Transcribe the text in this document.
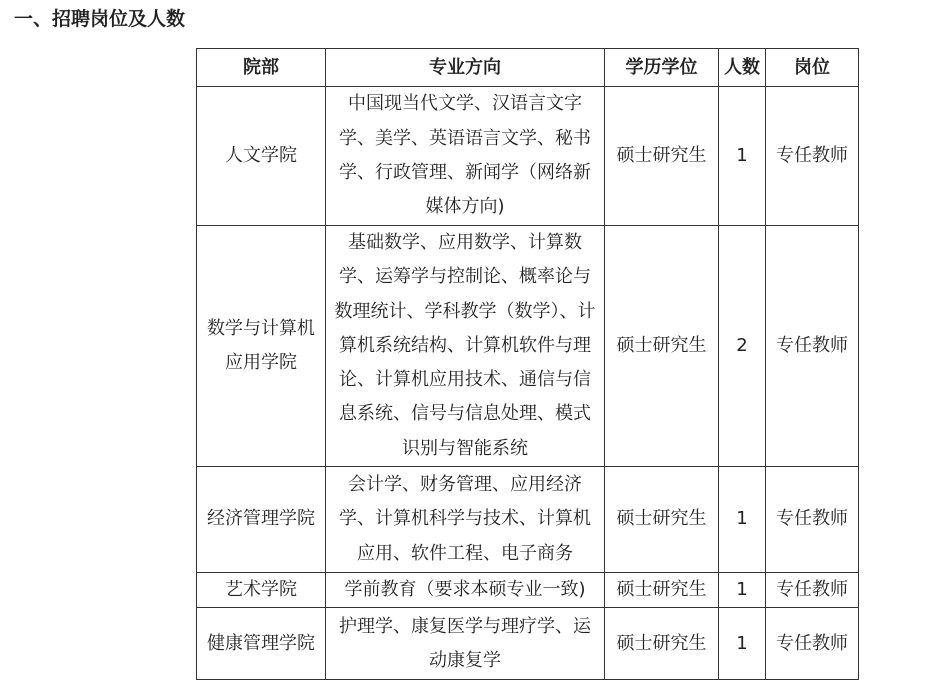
一、招聘岗位及人数
院部	专业方向	学历学位	人数	岗位
人文学院	中国现当代文学、汉语言文字学、美学、英语语言文学、秘书学、行政管理、新闻学（网络新媒体方向)	硕士研究生	1	专任教师
数学与计算机应用学院	基础数学、应用数学、计算数学、运筹学与控制论、概率论与数理统计、学科教学（数学）、计算机系统结构、计算机软件与理论、计算机应用技术、通信与信息系统、信号与信息处理、模式识别与智能系统	硕士研究生	2	专任教师
经济管理学院	会计学、财务管理、应用经济学、计算机科学与技术、计算机应用、软件工程、电子商务	硕士研究生	1	专任教师
艺术学院	学前教育（要求本硕专业一致)	硕士研究生	1	专任教师
健康管理学院	护理学、康复医学与理疗学、运动康复学	硕士研究生	1	专任教师
